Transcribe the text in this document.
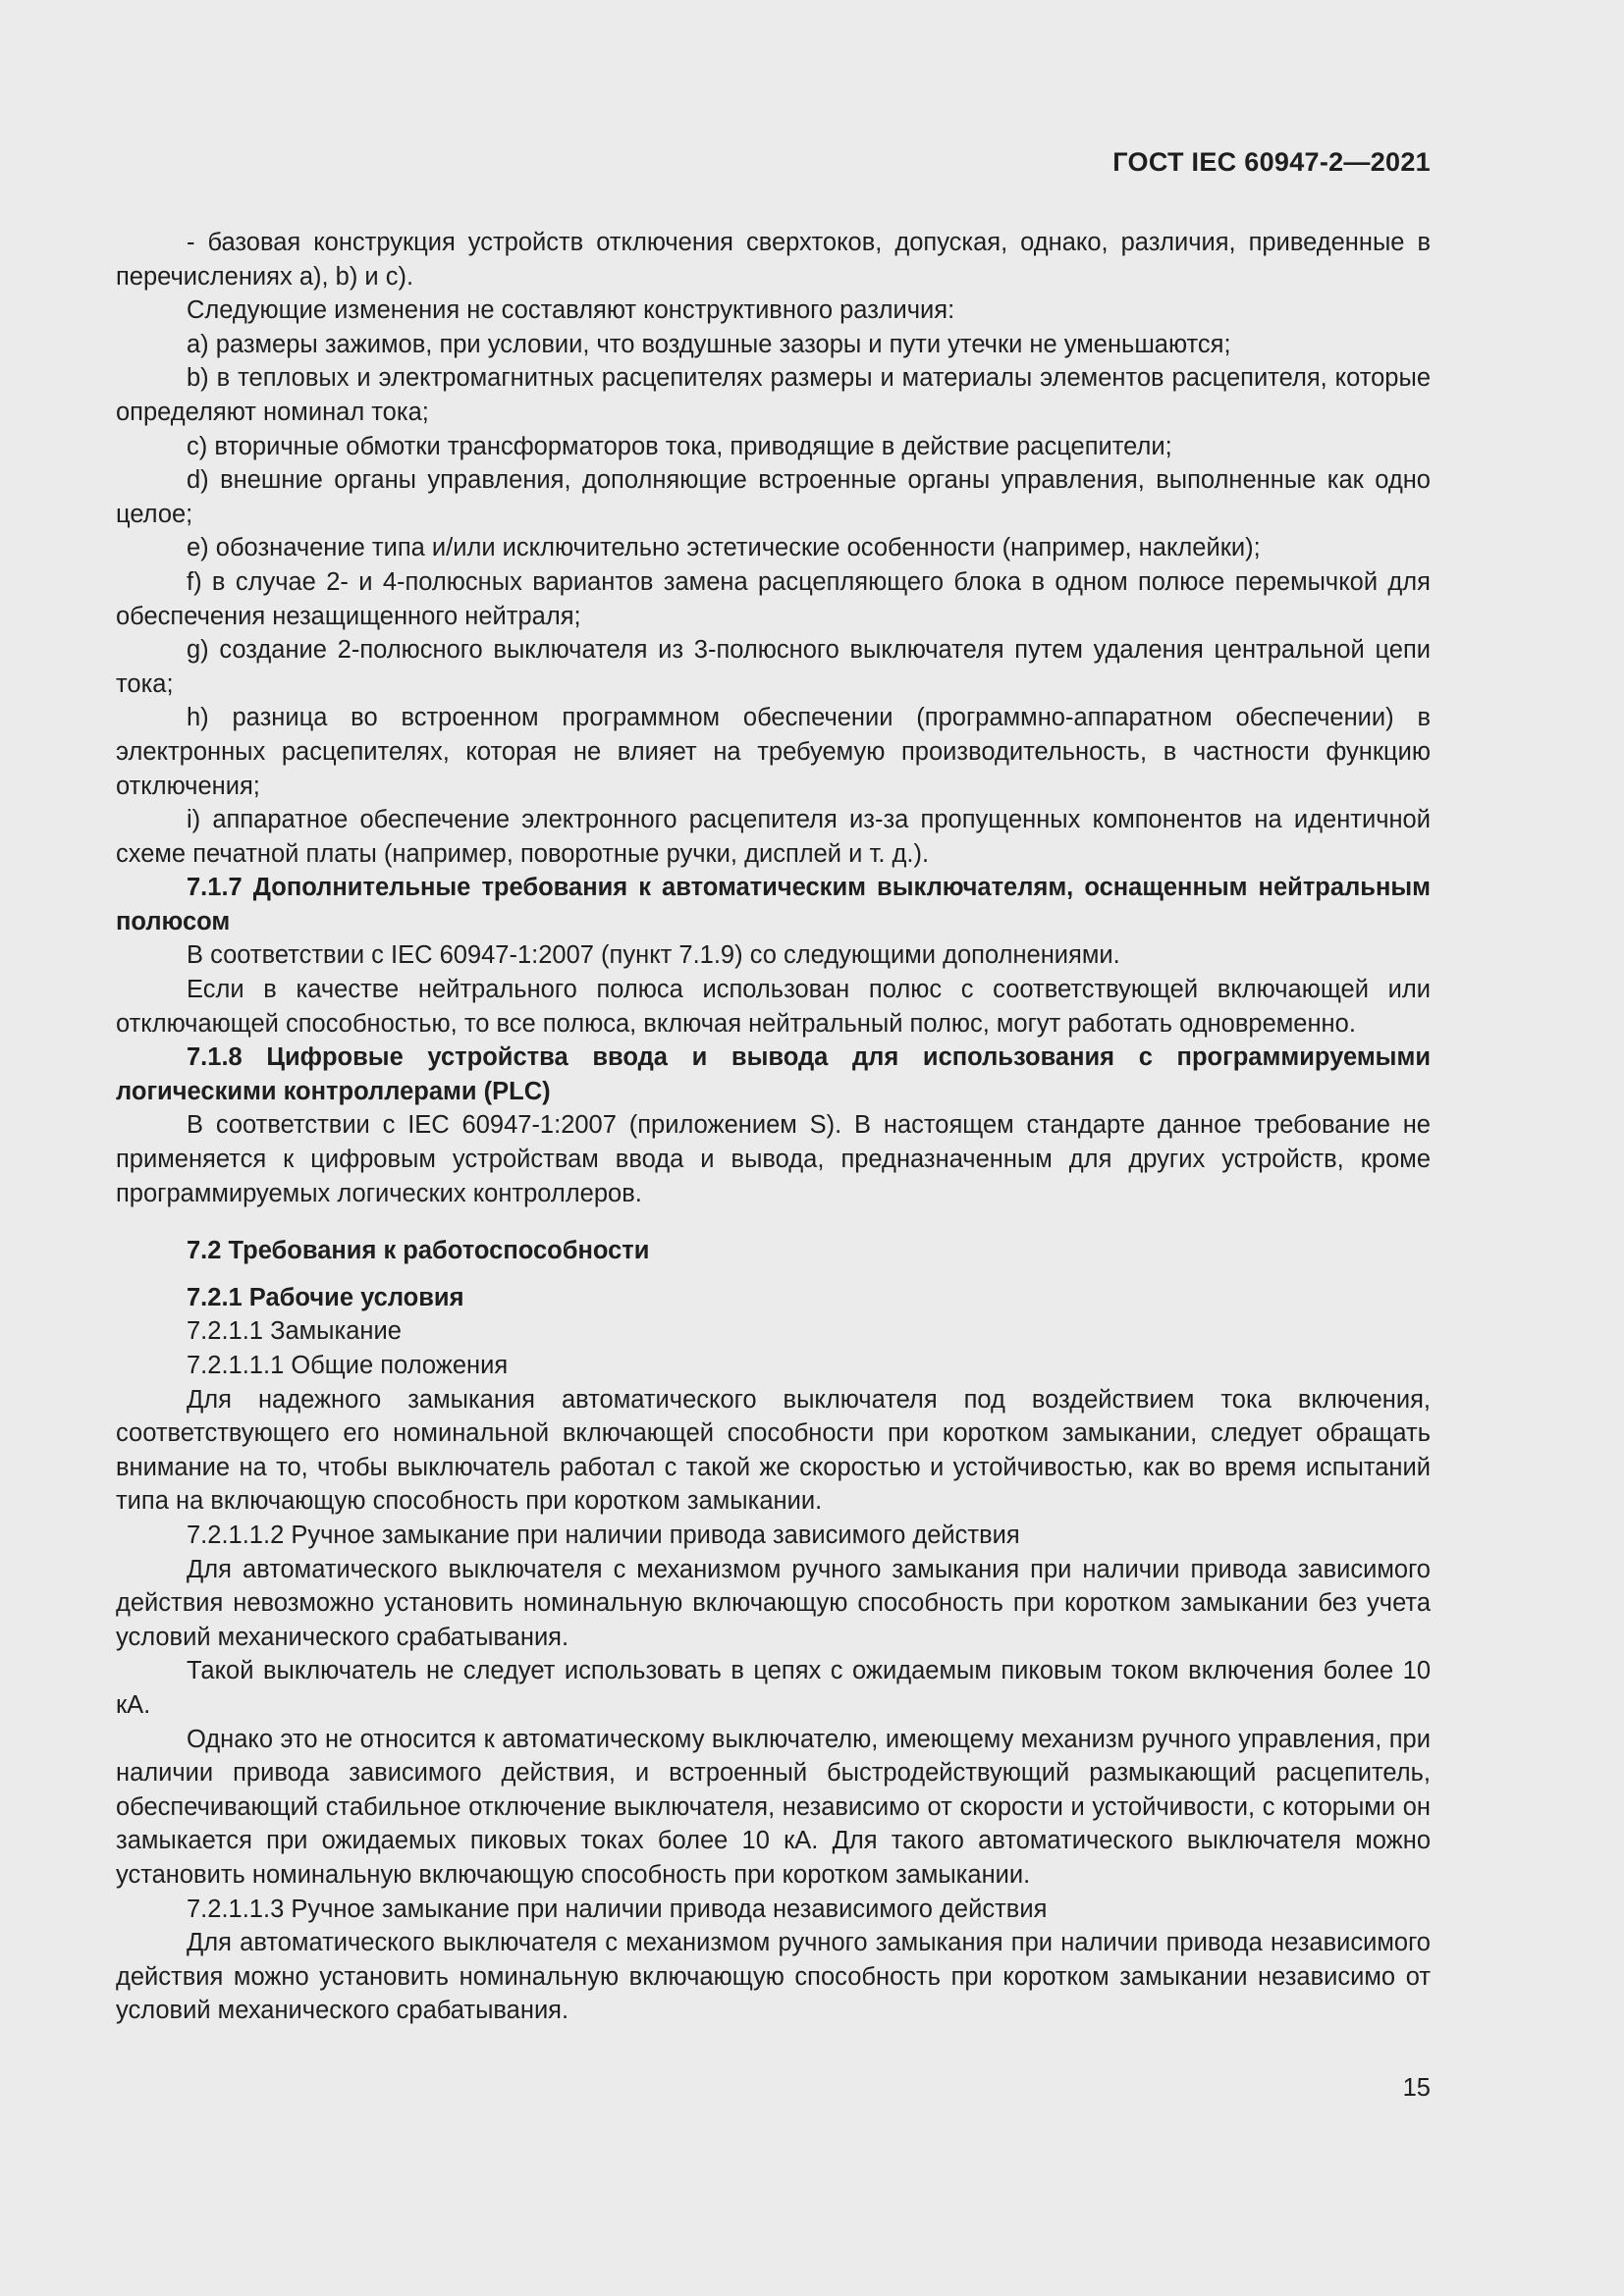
ГОСТ IEC 60947-2—2021

- базовая конструкция устройств отключения сверхтоков, допуская, однако, различия, приведенные в перечислениях а), b) и c).

Следующие изменения не составляют конструктивного различия:

a) размеры зажимов, при условии, что воздушные зазоры и пути утечки не уменьшаются;

b) в тепловых и электромагнитных расцепителях размеры и материалы элементов расцепителя, которые определяют номинал тока;

c) вторичные обмотки трансформаторов тока, приводящие в действие расцепители;

d) внешние органы управления, дополняющие встроенные органы управления, выполненные как одно целое;

e) обозначение типа и/или исключительно эстетические особенности (например, наклейки);

f) в случае 2- и 4-полюсных вариантов замена расцепляющего блока в одном полюсе перемычкой для обеспечения незащищенного нейтраля;

g) создание 2-полюсного выключателя из 3-полюсного выключателя путем удаления центральной цепи тока;

h) разница во встроенном программном обеспечении (программно-аппаратном обеспечении) в электронных расцепителях, которая не влияет на требуемую производительность, в частности функцию отключения;

i) аппаратное обеспечение электронного расцепителя из-за пропущенных компонентов на идентичной схеме печатной платы (например, поворотные ручки, дисплей и т. д.).

7.1.7 Дополнительные требования к автоматическим выключателям, оснащенным нейтральным полюсом

В соответствии с IEC 60947-1:2007 (пункт 7.1.9) со следующими дополнениями.

Если в качестве нейтрального полюса использован полюс с соответствующей включающей или отключающей способностью, то все полюса, включая нейтральный полюс, могут работать одновременно.

7.1.8 Цифровые устройства ввода и вывода для использования с программируемыми логическими контроллерами (PLC)

В соответствии с IEC 60947-1:2007 (приложением S). В настоящем стандарте данное требование не применяется к цифровым устройствам ввода и вывода, предназначенным для других устройств, кроме программируемых логических контроллеров.

7.2 Требования к работоспособности

7.2.1 Рабочие условия

7.2.1.1 Замыкание

7.2.1.1.1 Общие положения

Для надежного замыкания автоматического выключателя под воздействием тока включения, соответствующего его номинальной включающей способности при коротком замыкании, следует обращать внимание на то, чтобы выключатель работал с такой же скоростью и устойчивостью, как во время испытаний типа на включающую способность при коротком замыкании.

7.2.1.1.2 Ручное замыкание при наличии привода зависимого действия

Для автоматического выключателя с механизмом ручного замыкания при наличии привода зависимого действия невозможно установить номинальную включающую способность при коротком замыкании без учета условий механического срабатывания.

Такой выключатель не следует использовать в цепях с ожидаемым пиковым током включения более 10 кА.

Однако это не относится к автоматическому выключателю, имеющему механизм ручного управления, при наличии привода зависимого действия, и встроенный быстродействующий размыкающий расцепитель, обеспечивающий стабильное отключение выключателя, независимо от скорости и устойчивости, с которыми он замыкается при ожидаемых пиковых токах более 10 кА. Для такого автоматического выключателя можно установить номинальную включающую способность при коротком замыкании.

7.2.1.1.3 Ручное замыкание при наличии привода независимого действия

Для автоматического выключателя с механизмом ручного замыкания при наличии привода независимого действия можно установить номинальную включающую способность при коротком замыкании независимо от условий механического срабатывания.

15
